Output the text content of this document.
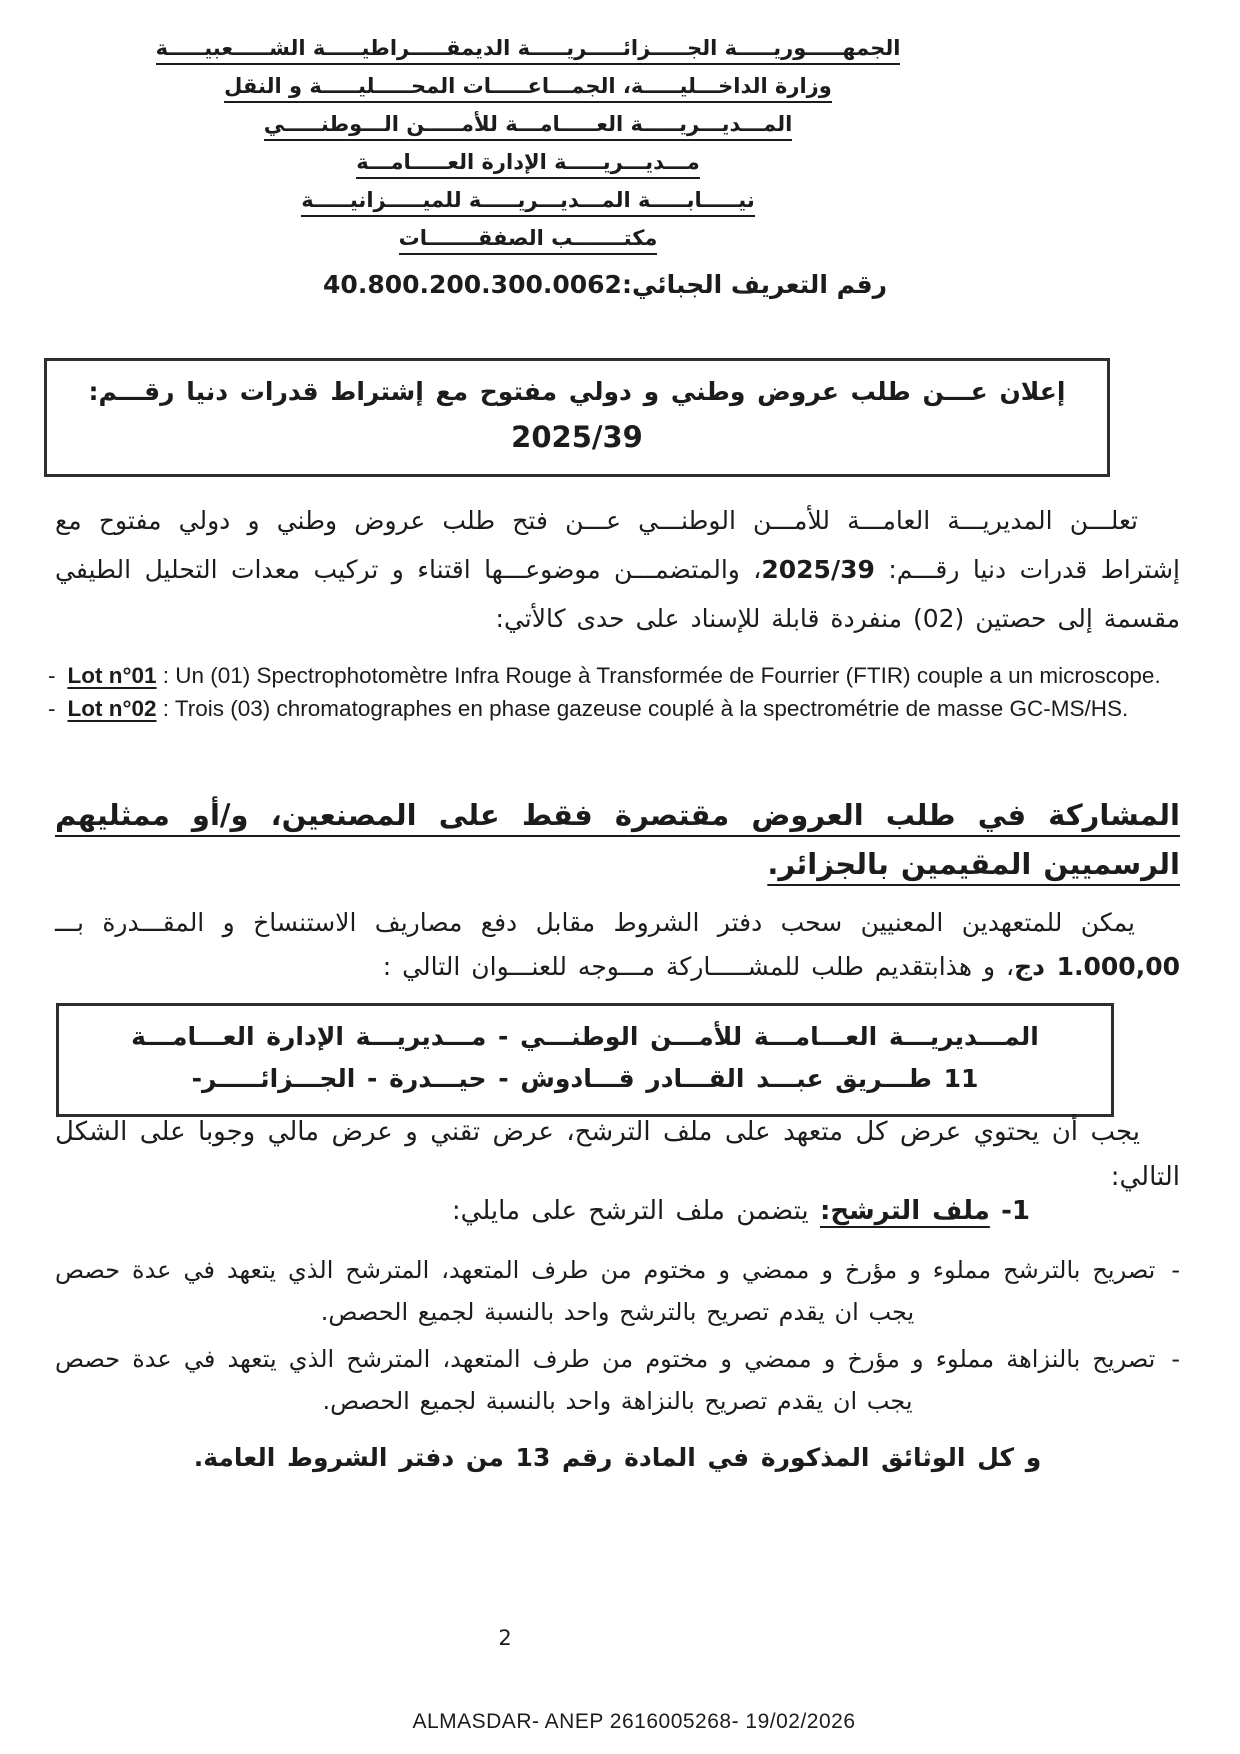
الجمهـــــوريـــــة الجـــــزائـــــريـــــة الديمقـــــراطيـــــة الشـــــعبيـــــة
وزارة الداخـــليـــــة، الجمـــاعـــــات المحـــــليـــــة و النقل
المـــديـــريـــــة العـــــامـــة للأمـــــن الـــوطنـــــي
مـــديـــريـــــة الإدارة العـــــامـــة
نيـــــابـــــة المـــديـــريـــــة للميـــــزانيـــــة
مكتـــــــب الصفقـــــــات
رقم التعريف الجبائي:40.800.200.300.0062
إعلان عـــن طلب عروض وطني و دولي مفتوح مع إشتراط قدرات دنيا رقـــم:
2025/39

تعلـــن المديريـــة العامـــة للأمـــن الوطنـــي عـــن فتح طلب عروض وطني و دولي مفتوح مع إشتراط قدرات دنيا رقـــم: 2025/39، والمتضمـــن موضوعـــها اقتناء و تركيب معدات التحليل الطيفي مقسمة إلى حصتين (02) منفردة قابلة للإسناد على حدى كالأتي:

- Lot n°01 : Un (01) Spectrophotomètre Infra Rouge à Transformée de Fourrier (FTIR) couple a un microscope.

- Lot n°02 : Trois (03) chromatographes en phase gazeuse couplé à la spectrométrie de masse GC-MS/HS.

المشاركة في طلب العروض مقتصرة فقط على المصنعين، و/أو ممثليهم الرسميين المقيمين بالجزائر.

يمكن للمتعهدين المعنيين سحب دفتر الشروط مقابل دفع مصاريف الاستنساخ و المقـــدرة بـــ 1.000,00 دج، و هذابتقديم طلب للمشـــــاركة مـــوجه للعنـــوان التالي :

المـــديريـــة العـــامـــة للأمـــن الوطنـــي - مـــديريـــة الإدارة العـــامـــة
11 طـــريق عبـــد القـــادر قـــادوش - حيـــدرة - الجـــزائـــــر-

يجب أن يحتوي عرض كل متعهد على ملف الترشح، عرض تقني و عرض مالي وجوبا على الشكل التالي:

1- ملف الترشح: يتضمن ملف الترشح على مايلي:

-تصريح بالترشح مملوء و مؤرخ و ممضي و مختوم من طرف المتعهد، المترشح الذي يتعهد في عدة حصص يجب ان يقدم تصريح بالترشح واحد بالنسبة لجميع الحصص.

-تصريح بالنزاهة مملوء و مؤرخ و ممضي و مختوم من طرف المتعهد، المترشح الذي يتعهد في عدة حصص يجب ان يقدم تصريح بالنزاهة واحد بالنسبة لجميع الحصص.

و كل الوثائق المذكورة في المادة رقم 13 من دفتر الشروط العامة.

2
ALMASDAR- ANEP 2616005268- 19/02/2026
